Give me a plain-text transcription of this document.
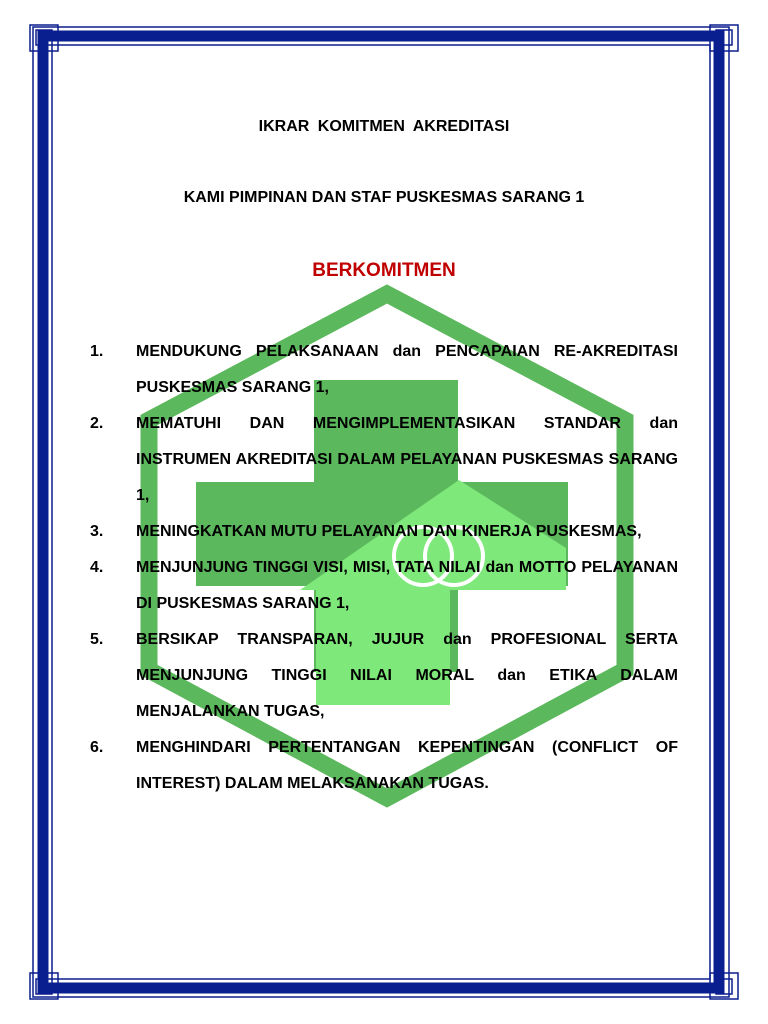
IKRAR KOMITMEN AKREDITASI

KAMI PIMPINAN DAN STAF PUSKESMAS SARANG 1

BERKOMITMEN

1.	MENDUKUNG PELAKSANAAN dan PENCAPAIAN RE-AKREDITASI PUSKESMAS SARANG 1,
2.	MEMATUHI DAN MENGIMPLEMENTASIKAN STANDAR dan INSTRUMEN AKREDITASI DALAM PELAYANAN PUSKESMAS SARANG 1,
3.	MENINGKATKAN MUTU PELAYANAN DAN KINERJA PUSKESMAS,
4.	MENJUNJUNG TINGGI VISI, MISI, TATA NILAI dan MOTTO PELAYANAN DI PUSKESMAS SARANG 1,
5.	BERSIKAP TRANSPARAN, JUJUR dan PROFESIONAL SERTA MENJUNJUNG TINGGI NILAI MORAL dan ETIKA DALAM MENJALANKAN TUGAS,
6.	MENGHINDARI PERTENTANGAN KEPENTINGAN (CONFLICT OF INTEREST) DALAM MELAKSANAKAN TUGAS.
